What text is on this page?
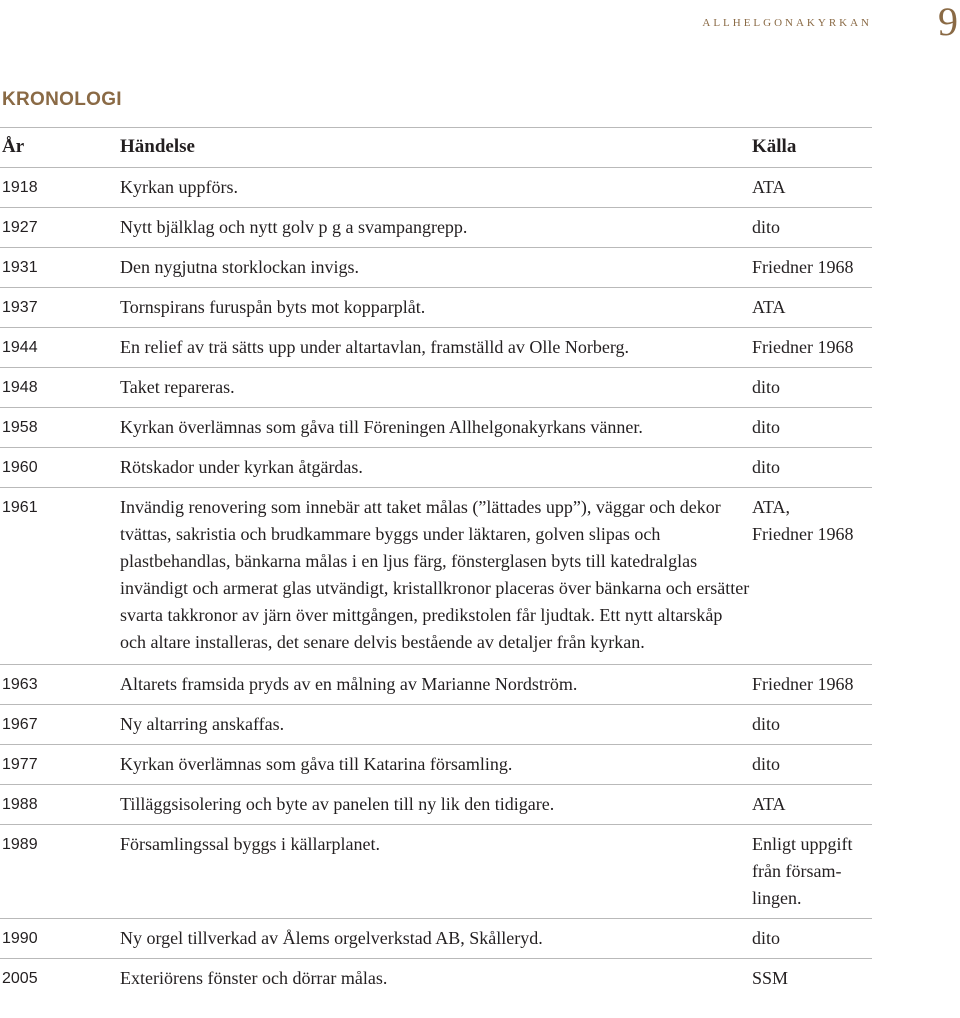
allhelgonakyrkan 9
KRONOLOGI
År	Händelse	Källa
1918	Kyrkan uppförs.	ATA
1927	Nytt bjälklag och nytt golv p g a svampangrepp.	dito
1931	Den nygjutna storklockan invigs.	Friedner 1968
1937	Tornspirans furuspån byts mot kopparplåt.	ATA
1944	En relief av trä sätts upp under altartavlan, framställd av Olle Norberg.	Friedner 1968
1948	Taket repareras.	dito
1958	Kyrkan överlämnas som gåva till Föreningen Allhelgonakyrkans vänner.	dito
1960	Rötskador under kyrkan åtgärdas.	dito
1961	Invändig renovering som innebär att taket målas (”lättades upp”), väggar och dekor tvättas, sakristia och brudkammare byggs under läktaren, golven slipas och plastbehandlas, bänkarna målas i en ljus färg, fönsterglasen byts till katedralglas invändigt och armerat glas utvändigt, kristallkronor placeras över bänkarna och ersätter svarta takkronor av järn över mittgången, predikstolen får ljudtak. Ett nytt altarskåp och altare installeras, det senare delvis bestående av detaljer från kyrkan.	ATA,
Friedner 1968
1963	Altarets framsida pryds av en målning av Marianne Nordström.	Friedner 1968
1967	Ny altarring anskaffas.	dito
1977	Kyrkan överlämnas som gåva till Katarina församling.	dito
1988	Tilläggsisolering och byte av panelen till ny lik den tidigare.	ATA
1989	Församlingssal byggs i källarplanet.	Enligt uppgift
från försam-
lingen.
1990	Ny orgel tillverkad av Ålems orgelverkstad AB, Skålleryd.	dito
2005	Exteriörens fönster och dörrar målas.	SSM
